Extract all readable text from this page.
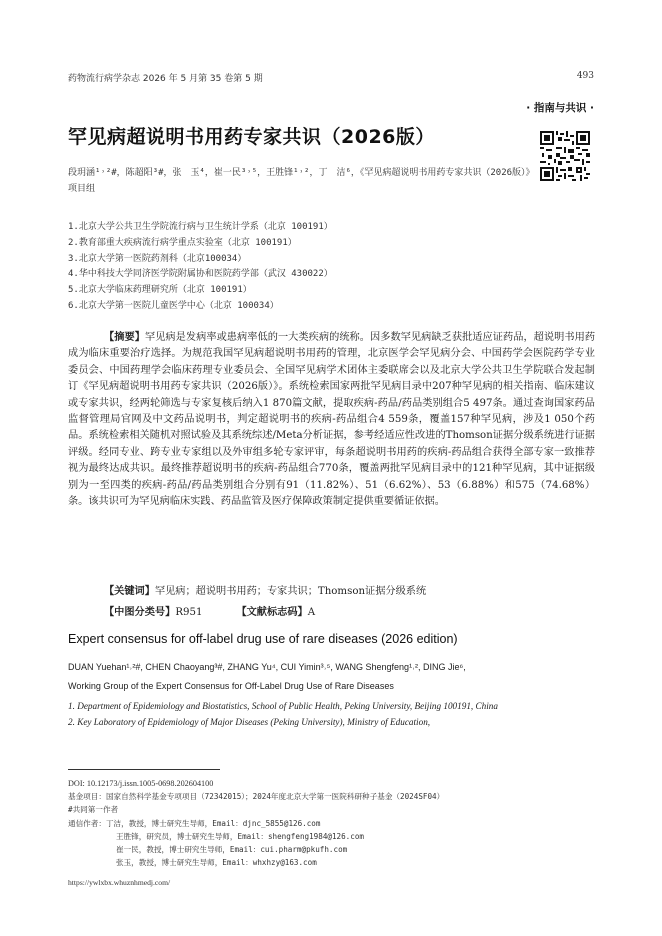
药物流行病学杂志 2026 年 5 月第 35 卷第 5 期	493
· 指南与共识 ·
罕见病超说明书用药专家共识（2026版）
段玥涵¹˒²#，陈超阳³#，张　玉⁴，崔一民³˒⁵，王胜锋¹˒²，丁　洁⁶，《罕见病超说明书用药专家共识（2026版）》项目组
1.北京大学公共卫生学院流行病与卫生统计学系（北京 100191）
2.教育部重大疾病流行病学重点实验室（北京 100191）
3.北京大学第一医院药剂科（北京100034）
4.华中科技大学同济医学院附属协和医院药学部（武汉 430022）
5.北京大学临床药理研究所（北京 100191）
6.北京大学第一医院儿童医学中心（北京 100034）
【摘要】罕见病是发病率或患病率低的一大类疾病的统称。因多数罕见病缺乏获批适应证药品，超说明书用药成为临床重要治疗选择。为规范我国罕见病超说明书用药的管理，北京医学会罕见病分会、中国药学会医院药学专业委员会、中国药理学会临床药理专业委员会、全国罕见病学术团体主委联席会以及北京大学公共卫生学院联合发起制订《罕见病超说明书用药专家共识（2026版）》。系统检索国家两批罕见病目录中207种罕见病的相关指南、临床建议或专家共识，经两轮筛选与专家复核后纳入1 870篇文献，提取疾病-药品/药品类别组合5 497条。通过查询国家药品监督管理局官网及中文药品说明书，判定超说明书的疾病-药品组合4 559条，覆盖157种罕见病，涉及1 050个药品。系统检索相关随机对照试验及其系统综述/Meta分析证据，参考经适应性改进的Thomson证据分级系统进行证据评级。经同专业、跨专业专家组以及外审组多轮专家评审，每条超说明书用药的疾病-药品组合获得全部专家一致推荐视为最终达成共识。最终推荐超说明书的疾病-药品组合770条，覆盖两批罕见病目录中的121种罕见病，其中证据级别为一至四类的疾病-药品/药品类别组合分别有91（11.82%）、51（6.62%）、53（6.88%）和575（74.68%）条。该共识可为罕见病临床实践、药品监管及医疗保障政策制定提供重要循证依据。
【关键词】罕见病；超说明书用药；专家共识；Thomson证据分级系统
【中图分类号】R951	【文献标志码】A
Expert consensus for off-label drug use of rare diseases (2026 edition)
DUAN Yuehan¹˒²#, CHEN Chaoyang³#, ZHANG Yu⁴, CUI Yimin³˒⁵, WANG Shengfeng¹˒², DING Jie⁶,
Working Group of the Expert Consensus for Off-Label Drug Use of Rare Diseases
1. Department of Epidemiology and Biostatistics, School of Public Health, Peking University, Beijing 100191, China
2. Key Laboratory of Epidemiology of Major Diseases (Peking University), Ministry of Education,
DOI: 10.12173/j.issn.1005-0698.202604100
基金项目：国家自然科学基金专项项目（72342015）；2024年度北京大学第一医院科研种子基金（2024SF04）
#共同第一作者
通信作者：丁洁，教授，博士研究生导师，Email：djnc_5855@126.com
王胜锋，研究员，博士研究生导师，Email：shengfeng1984@126.com
崔一民，教授，博士研究生导师，Email：cui.pharm@pkufh.com
张玉，教授，博士研究生导师，Email：whxhzy@163.com
https://ywlxbx.whuznhmedj.com/
